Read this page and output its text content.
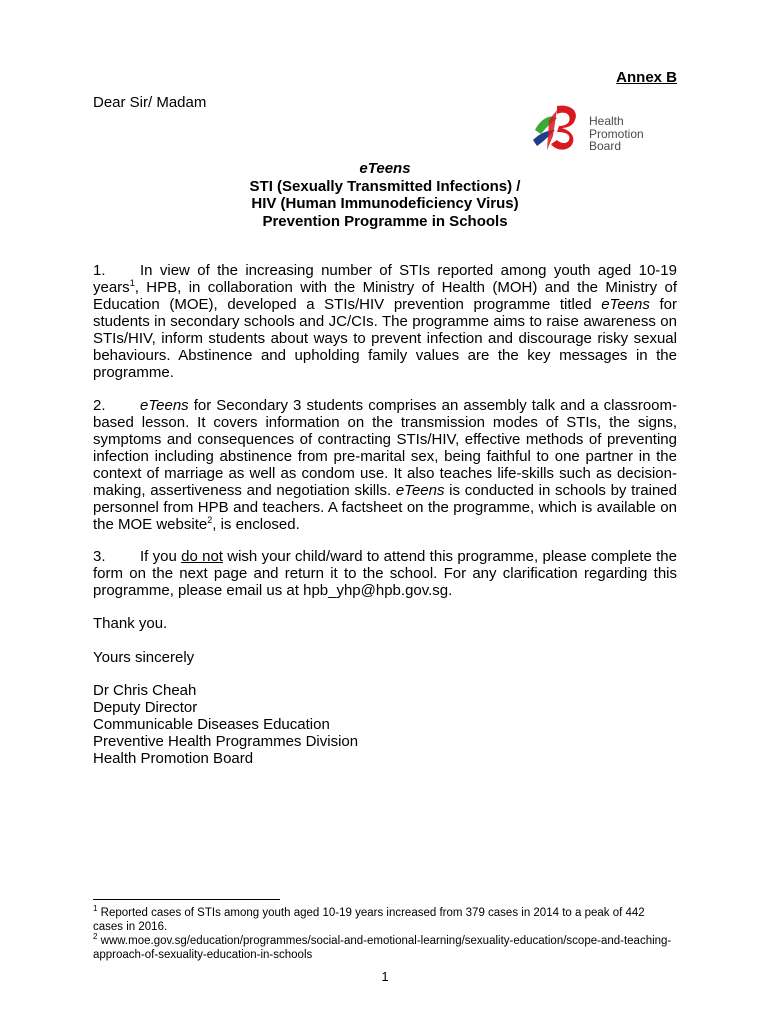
Annex B
Dear Sir/ Madam
Health
Promotion
Board
eTeens
STI (Sexually Transmitted Infections) /
HIV (Human Immunodeficiency Virus)
Prevention Programme in Schools
1. In view of the increasing number of STIs reported among youth aged 10-19 years$^1$, HPB, in collaboration with the Ministry of Health (MOH) and the Ministry of Education (MOE), developed a STIs/HIV prevention programme titled eTeens for students in secondary schools and JC/CIs. The programme aims to raise awareness on STIs/HIV, inform students about ways to prevent infection and discourage risky sexual behaviours. Abstinence and upholding family values are the key messages in the programme.
2. eTeens for Secondary 3 students comprises an assembly talk and a classroom-based lesson. It covers information on the transmission modes of STIs, the signs, symptoms and consequences of contracting STIs/HIV, effective methods of preventing infection including abstinence from pre-marital sex, being faithful to one partner in the context of marriage as well as condom use. It also teaches life-skills such as decision-making, assertiveness and negotiation skills. eTeens is conducted in schools by trained personnel from HPB and teachers. A factsheet on the programme, which is available on the MOE website$^2$, is enclosed.
3. If you do not wish your child/ward to attend this programme, please complete the form on the next page and return it to the school. For any clarification regarding this programme, please email us at hpb_yhp@hpb.gov.sg.
Thank you.
Yours sincerely
Dr Chris Cheah
Deputy Director
Communicable Diseases Education
Preventive Health Programmes Division
Health Promotion Board
$^1$ Reported cases of STIs among youth aged 10-19 years increased from 379 cases in 2014 to a peak of 442 cases in 2016.
$^2$ www.moe.gov.sg/education/programmes/social-and-emotional-learning/sexuality-education/scope-and-teaching-approach-of-sexuality-education-in-schools
1
